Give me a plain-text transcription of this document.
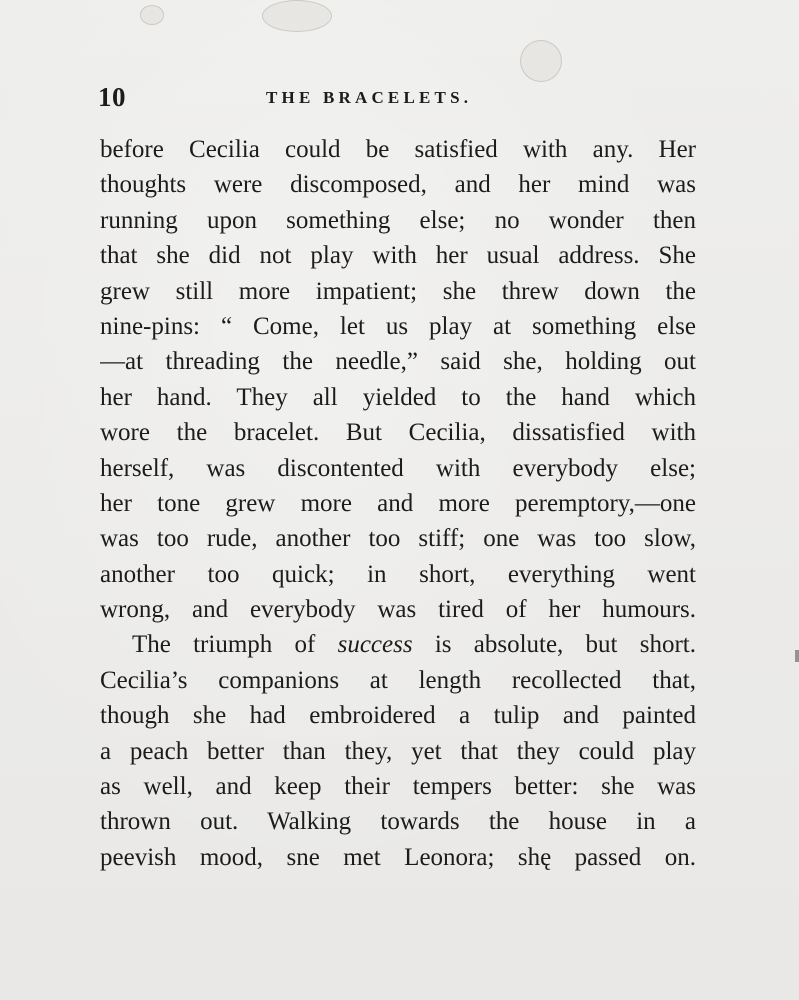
10	THE BRACELETS.
before Cecilia could be satisfied with any. Her
thoughts were discomposed, and her mind was
running upon something else; no wonder then
that she did not play with her usual address. She
grew still more impatient; she threw down the
nine-pins: “ Come, let us play at something else
—at threading the needle,” said she, holding out
her hand. They all yielded to the hand which
wore the bracelet. But Cecilia, dissatisfied with
herself, was discontented with everybody else;
her tone grew more and more peremptory,—one
was too rude, another too stiff; one was too slow,
another too quick; in short, everything went
wrong, and everybody was tired of her humours.
The triumph of success is absolute, but short.
Cecilia’s companions at length recollected that,
though she had embroidered a tulip and painted
a peach better than they, yet that they could play
as well, and keep their tempers better: she was
thrown out. Walking towards the house in a
peevish mood, sne met Leonora; shę passed on.
